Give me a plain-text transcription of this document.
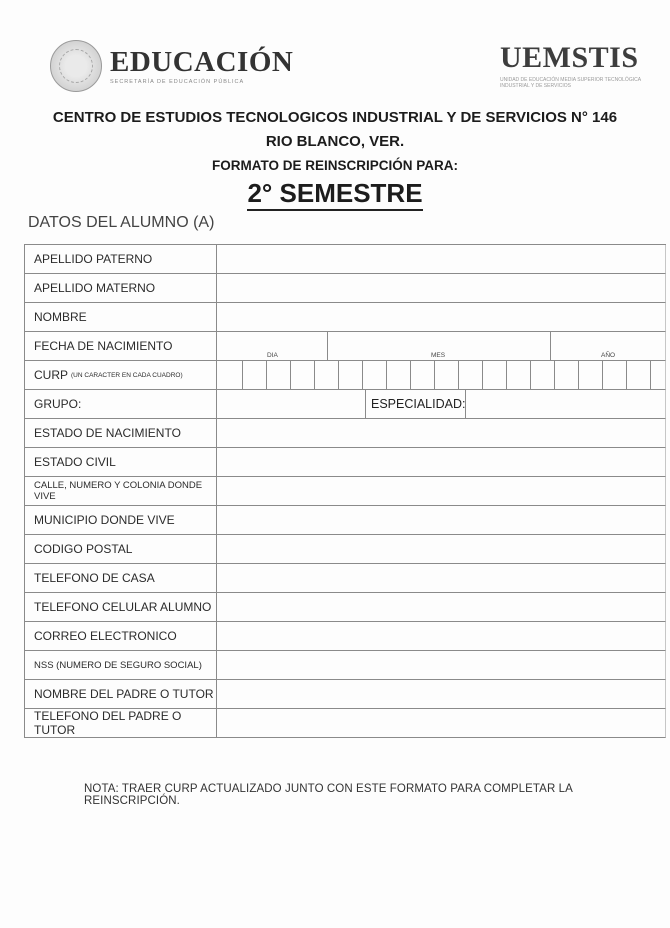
EDUCACIÓN
SECRETARÍA DE EDUCACIÓN PÚBLICA
UEMSTIS
UNIDAD DE EDUCACIÓN MEDIA SUPERIOR TECNOLÓGICA INDUSTRIAL Y DE SERVICIOS
CENTRO DE ESTUDIOS TECNOLOGICOS INDUSTRIAL Y DE SERVICIOS N° 146
RIO BLANCO, VER.
FORMATO DE REINSCRIPCIÓN PARA:
2° SEMESTRE
DATOS DEL ALUMNO (A)
APELLIDO PATERNO
APELLIDO MATERNO
NOMBRE
FECHA DE NACIMIENTO
DIA	MES	AÑO
CURP (UN CARACTER EN CADA CUADRO)
GRUPO:	ESPECIALIDAD:
ESTADO DE NACIMIENTO
ESTADO CIVIL
CALLE, NUMERO Y COLONIA DONDE VIVE
MUNICIPIO DONDE VIVE
CODIGO POSTAL
TELEFONO DE CASA
TELEFONO CELULAR ALUMNO
CORREO ELECTRONICO
NSS (NUMERO DE SEGURO SOCIAL)
NOMBRE DEL PADRE O TUTOR
TELEFONO DEL PADRE O TUTOR
NOTA: TRAER CURP ACTUALIZADO JUNTO CON ESTE FORMATO PARA COMPLETAR LA REINSCRIPCIÓN.
